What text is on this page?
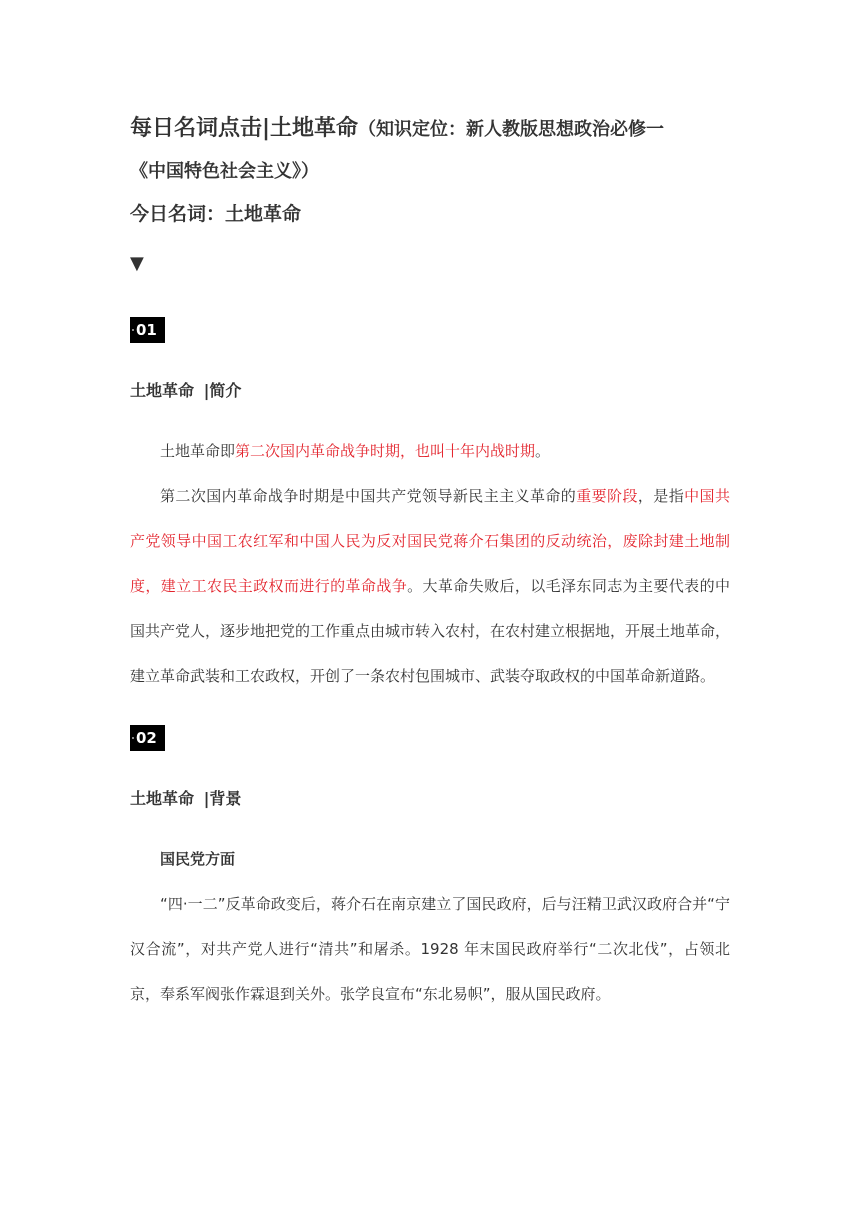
每日名词点击|土地革命（知识定位：新人教版思想政治必修一
《中国特色社会主义》）
今日名词：土地革命
▼
01
土地革命 |简介

土地革命即第二次国内革命战争时期，也叫十年内战时期。

第二次国内革命战争时期是中国共产党领导新民主主义革命的重要阶段，是指中国共产党领导中国工农红军和中国人民为反对国民党蒋介石集团的反动统治，废除封建土地制度，建立工农民主政权而进行的革命战争。大革命失败后，以毛泽东同志为主要代表的中国共产党人，逐步地把党的工作重点由城市转入农村，在农村建立根据地，开展土地革命，建立革命武装和工农政权，开创了一条农村包围城市、武装夺取政权的中国革命新道路。

02
土地革命 |背景
国民党方面

“四·一二”反革命政变后，蒋介石在南京建立了国民政府，后与汪精卫武汉政府合并“宁汉合流”，对共产党人进行“清共”和屠杀。1928 年末国民政府举行“二次北伐”，占领北京，奉系军阀张作霖退到关外。张学良宣布“东北易帜”，服从国民政府。
